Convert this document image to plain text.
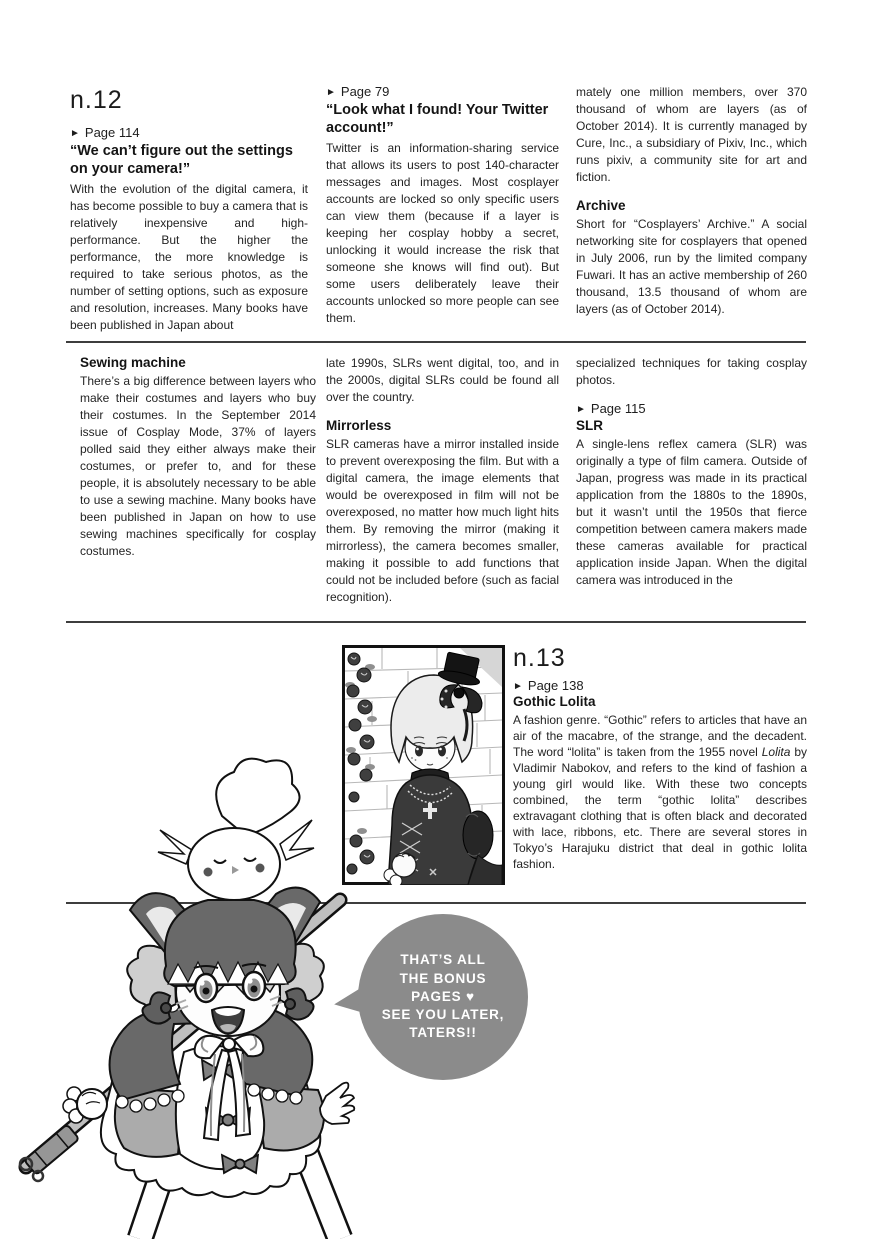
n.12
► Page 114
“We can’t figure out the settings on your camera!”
With the evolution of the digital camera, it has become possible to buy a camera that is relatively inexpensive and high-performance. But the higher the performance, the more knowledge is required to take serious photos, as the number of setting options, such as exposure and resolution, increases. Many books have been published in Japan about
► Page 79
“Look what I found! Your Twitter account!”
Twitter is an information-sharing service that allows its users to post 140-character messages and images. Most cosplayer accounts are locked so only specific users can view them (because if a layer is keeping her cosplay hobby a secret, unlocking it would increase the risk that someone she knows will find out). But some users deliberately leave their accounts unlocked so more people can see them.
mately one million members, over 370 thousand of whom are layers (as of October 2014). It is currently managed by Cure, Inc., a subsidiary of Pixiv, Inc., which runs pixiv, a community site for art and fiction.
Archive
Short for “Cosplayers’ Archive.” A social networking site for cosplayers that opened in July 2006, run by the limited company Fuwari. It has an active membership of 260 thousand, 13.5 thousand of whom are layers (as of October 2014).
Sewing machine
There’s a big difference between layers who make their costumes and layers who buy their costumes. In the September 2014 issue of Cosplay Mode, 37% of layers polled said they either always make their costumes, or prefer to, and for these people, it is absolutely necessary to be able to use a sewing machine. Many books have been published in Japan on how to use sewing machines specifically for cosplay costumes.
late 1990s, SLRs went digital, too, and in the 2000s, digital SLRs could be found all over the country.
Mirrorless
SLR cameras have a mirror installed inside to prevent overexposing the film. But with a digital camera, the image elements that would be overexposed in film will not be overexposed, no matter how much light hits them. By removing the mirror (making it mirrorless), the camera becomes smaller, making it possible to add functions that could not be included before (such as facial recognition).
specialized techniques for taking cosplay photos.
► Page 115
SLR
A single-lens reflex camera (SLR) was originally a type of film camera. Outside of Japan, progress was made in its practical application from the 1880s to the 1890s, but it wasn’t until the 1950s that fierce competition between camera makers made these cameras available for practical application inside Japan. When the digital camera was introduced in the
n.13
► Page 138
Gothic Lolita
A fashion genre. “Gothic” refers to articles that have an air of the macabre, of the strange, and the decadent. The word “lolita” is taken from the 1955 novel Lolita by Vladimir Nabokov, and refers to the kind of fashion a young girl would like. With these two concepts combined, the term “gothic lolita” describes extravagant clothing that is often black and decorated with lace, ribbons, etc. There are several stores in Tokyo’s Harajuku district that deal in gothic lolita fashion.
THAT’S ALL
THE BONUS
PAGES ♥
SEE YOU LATER,
TATERS!!
